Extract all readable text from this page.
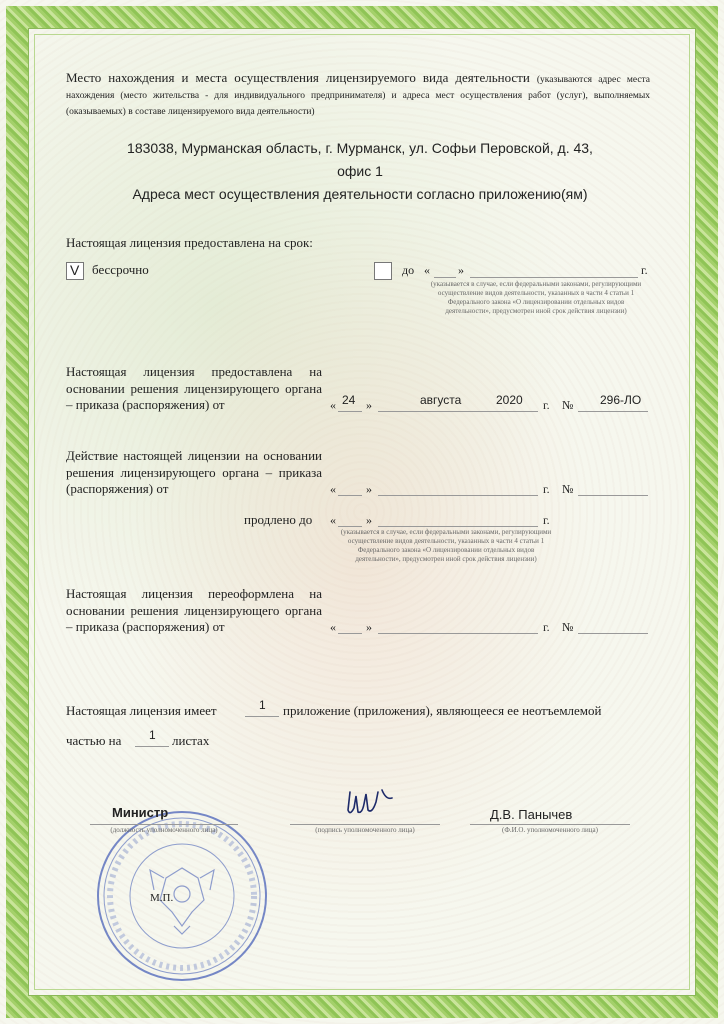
Место нахождения и места осуществления лицензируемого вида деятельности (указываются адрес места нахождения (место жительства - для индивидуального предпринимателя) и адреса мест осуществления работ (услуг), выполняемых (оказываемых) в составе лицензируемого вида деятельности)
183038, Мурманская область, г. Мурманск, ул. Софьи Перовской, д. 43,
офис 1
Адреса мест осуществления деятельности согласно приложению(ям)
Настоящая лицензия предоставлена на срок:
V бессрочно	до « »	г.
(указывается в случае, если федеральными законами, регулирующими осуществление видов деятельности, указанных в части 4 статьи 1 Федерального закона «О лицензировании отдельных видов деятельности», предусмотрен иной срок действия лицензии)
Настоящая лицензия предоставлена на основании решения лицензирующего органа – приказа (распоряжения) от	« 24 »	августа	2020 г. № 296-ЛО
Действие настоящей лицензии на основании решения лицензирующего органа – приказа (распоряжения) от	«	»	г. №
продлено до «	»	г.
(указывается в случае, если федеральными законами, регулирующими осуществление видов деятельности, указанных в части 4 статьи 1 Федерального закона «О лицензировании отдельных видов деятельности», предусмотрен иной срок действия лицензии)
Настоящая лицензия переоформлена на основании решения лицензирующего органа – приказа (распоряжения) от	«	»	г. №
Настоящая лицензия имеет	1 приложение (приложения), являющееся ее неотъемлемой
частью на 1 листах
Министр
(должность уполномоченного лица)	(подпись уполномоченного лица)
Д.В. Панычев
(Ф.И.О. уполномоченного лица)
М.П.
